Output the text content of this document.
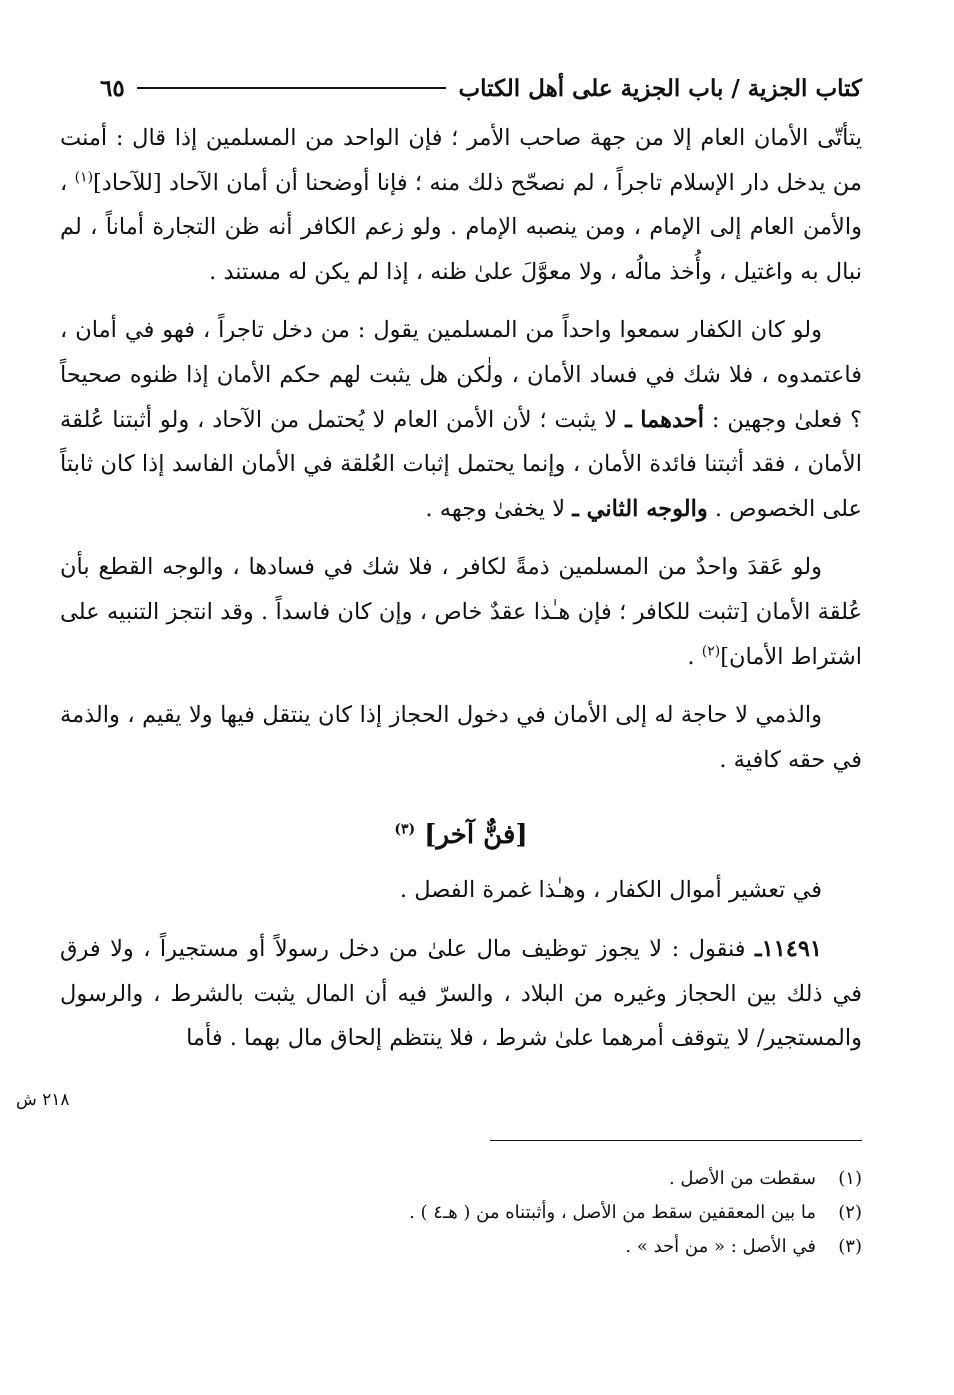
كتاب الجزية / باب الجزية على أهل الكتاب
٦٥

يتأتّى الأمان العام إلا من جهة صاحب الأمر ؛ فإن الواحد من المسلمين إذا قال : أمنت من يدخل دار الإسلام تاجراً ، لم نصحّح ذلك منه ؛ فإنا أوضحنا أن أمان الآحاد [للآحاد]$^{(١)}$ ، والأمن العام إلى الإمام ، ومن ينصبه الإمام . ولو زعم الكافر أنه ظن التجارة أماناً ، لم نبال به واغتيل ، وأُخذ مالُه ، ولا معوَّلَ علىٰ ظنه ، إذا لم يكن له مستند .

ولو كان الكفار سمعوا واحداً من المسلمين يقول : من دخل تاجراً ، فهو في أمان ، فاعتمدوه ، فلا شك في فساد الأمان ، ولٰكن هل يثبت لهم حكم الأمان إذا ظنوه صحيحاً ؟ فعلىٰ وجهين : أحدهما ـ لا يثبت ؛ لأن الأمن العام لا يُحتمل من الآحاد ، ولو أثبتنا عُلقة الأمان ، فقد أثبتنا فائدة الأمان ، وإنما يحتمل إثبات العُلقة في الأمان الفاسد إذا كان ثابتاً على الخصوص . والوجه الثاني ـ لا يخفىٰ وجهه .

ولو عَقدَ واحدٌ من المسلمين ذمةً لكافر ، فلا شك في فسادها ، والوجه القطع بأن عُلقة الأمان [تثبت للكافر ؛ فإن هـٰذا عقدٌ خاص ، وإن كان فاسداً . وقد انتجز التنبيه على اشتراط الأمان]$^{(٢)}$ .

والذمي لا حاجة له إلى الأمان في دخول الحجاز إذا كان ينتقل فيها ولا يقيم ، والذمة في حقه كافية .

[فنٌّ آخر] $^{(٣)}$

في تعشير أموال الكفار ، وهـٰذا غمرة الفصل .

١١٤٩١ـ فنقول : لا يجوز توظيف مال علىٰ من دخل رسولاً أو مستجيراً ، ولا فرق في ذلك بين الحجاز وغيره من البلاد ، والسرّ فيه أن المال يثبت بالشرط ، والرسول والمستجير/ لا يتوقف أمرهما علىٰ شرط ، فلا ينتظم إلحاق مال بهما . فأما

٢١٨ ش
(١)
سقطت من الأصل .
(٢)
ما بين المعقفين سقط من الأصل ، وأثبتناه من ( هـ٤ ) .
(٣)
في الأصل : « من أحد » .
